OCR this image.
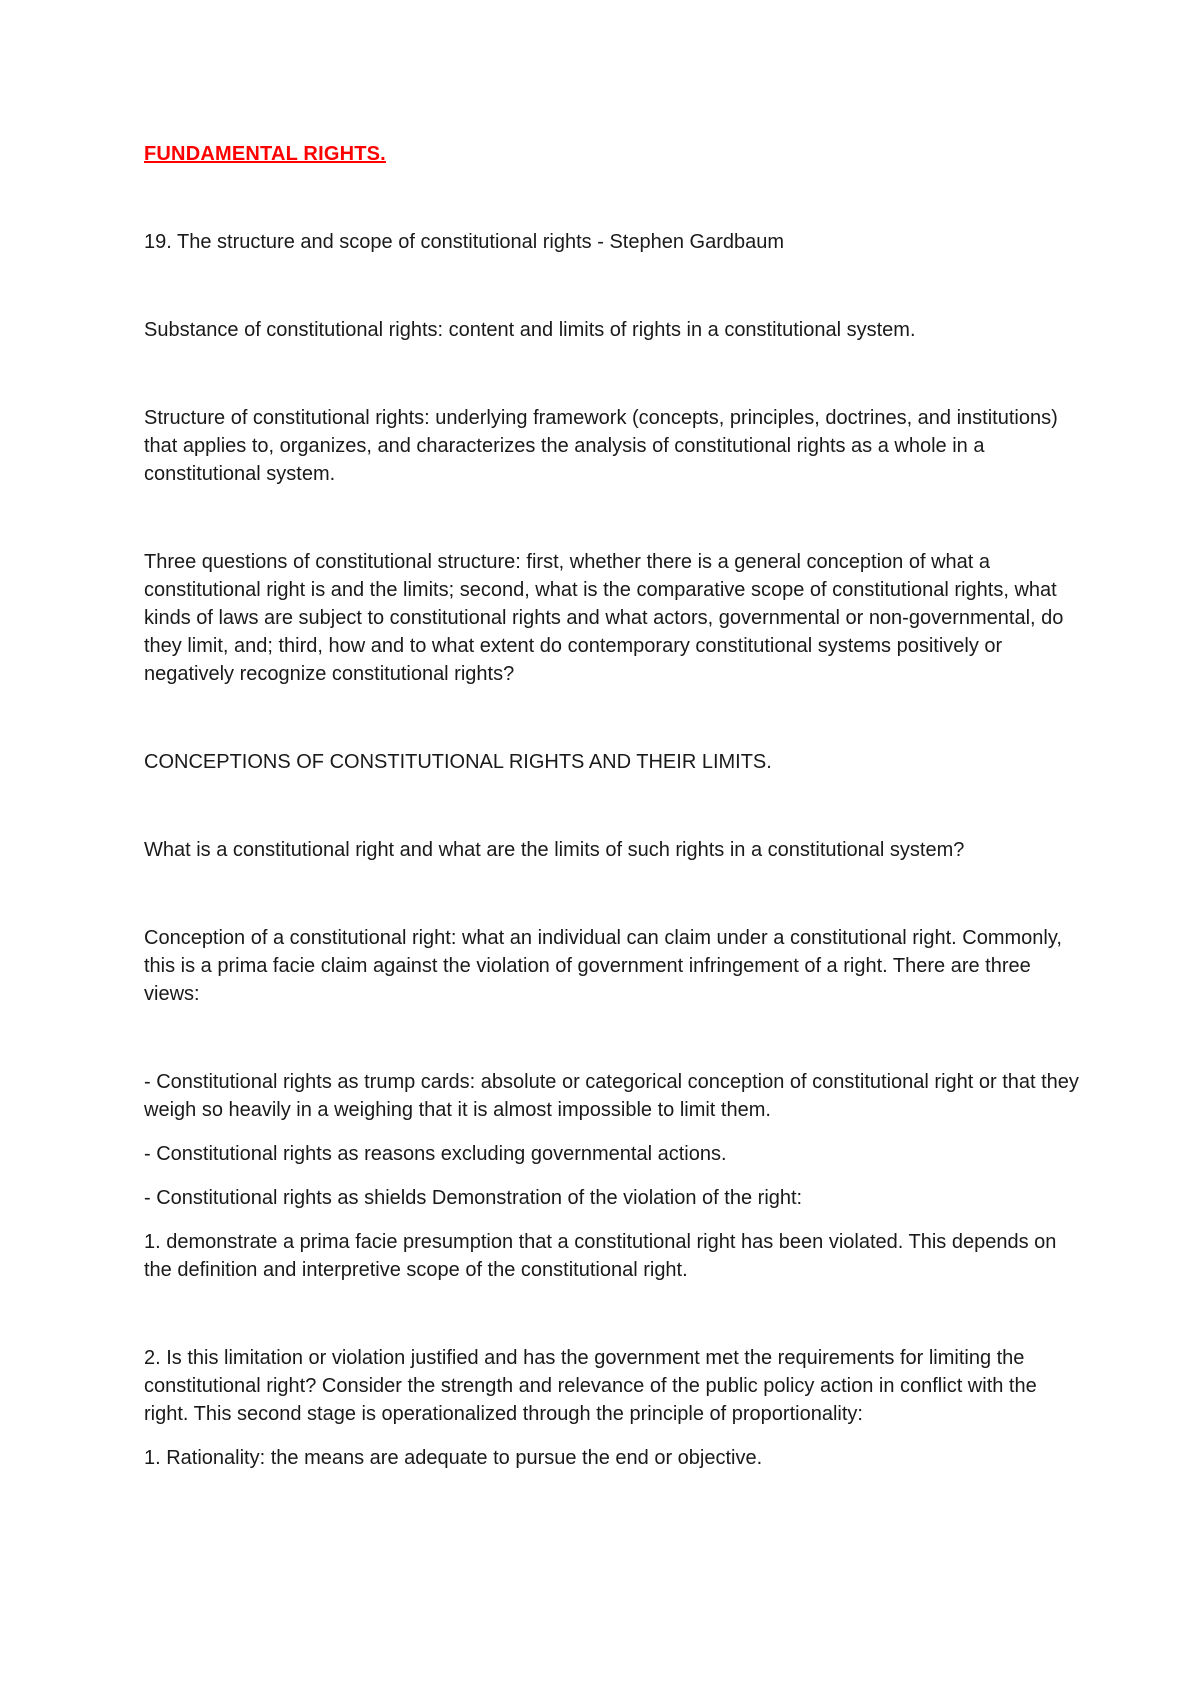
FUNDAMENTAL RIGHTS.

19. The structure and scope of constitutional rights - Stephen Gardbaum

Substance of constitutional rights: content and limits of rights in a constitutional system.

Structure of constitutional rights: underlying framework (concepts, principles, doctrines, and institutions) that applies to, organizes, and characterizes the analysis of constitutional rights as a whole in a constitutional system.

Three questions of constitutional structure: first, whether there is a general conception of what a constitutional right is and the limits; second, what is the comparative scope of constitutional rights, what kinds of laws are subject to constitutional rights and what actors, governmental or non-governmental, do they limit, and; third, how and to what extent do contemporary constitutional systems positively or negatively recognize constitutional rights?

CONCEPTIONS OF CONSTITUTIONAL RIGHTS AND THEIR LIMITS.

What is a constitutional right and what are the limits of such rights in a constitutional system?

Conception of a constitutional right: what an individual can claim under a constitutional right. Commonly, this is a prima facie claim against the violation of government infringement of a right. There are three views:

- Constitutional rights as trump cards: absolute or categorical conception of constitutional right or that they weigh so heavily in a weighing that it is almost impossible to limit them.

- Constitutional rights as reasons excluding governmental actions.

- Constitutional rights as shields Demonstration of the violation of the right:

1. demonstrate a prima facie presumption that a constitutional right has been violated. This depends on the definition and interpretive scope of the constitutional right.

2. Is this limitation or violation justified and has the government met the requirements for limiting the constitutional right? Consider the strength and relevance of the public policy action in conflict with the right. This second stage is operationalized through the principle of proportionality:

1. Rationality: the means are adequate to pursue the end or objective.
